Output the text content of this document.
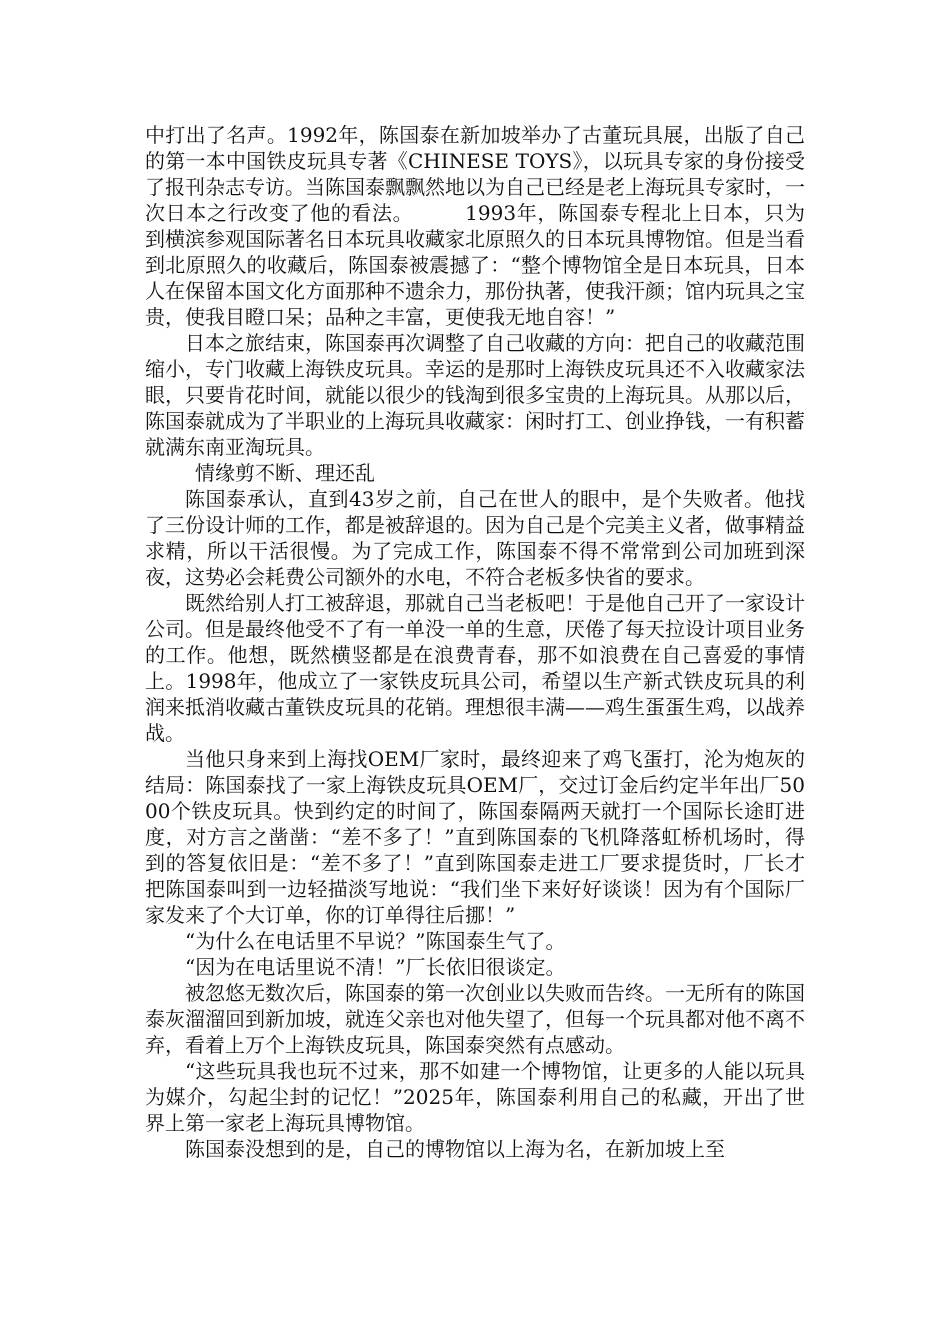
中打出了名声。1992年，陈国泰在新加坡举办了古董玩具展，出版了自己的第一本中国铁皮玩具专著《CHINESE TOYS》，以玩具专家的身份接受了报刊杂志专访。当陈国泰飘飘然地以为自己已经是老上海玩具专家时，一次日本之行改变了他的看法。　　　1993年，陈国泰专程北上日本，只为到横滨参观国际著名日本玩具收藏家北原照久的日本玩具博物馆。但是当看到北原照久的收藏后，陈国泰被震撼了：“整个博物馆全是日本玩具，日本人在保留本国文化方面那种不遗余力，那份执著，使我汗颜；馆内玩具之宝贵，使我目瞪口呆；品种之丰富，更使我无地自容！”

日本之旅结束，陈国泰再次调整了自己收藏的方向：把自己的收藏范围缩小，专门收藏上海铁皮玩具。幸运的是那时上海铁皮玩具还不入收藏家法眼，只要肯花时间，就能以很少的钱淘到很多宝贵的上海玩具。从那以后，陈国泰就成为了半职业的上海玩具收藏家：闲时打工、创业挣钱，一有积蓄就满东南亚淘玩具。

情缘剪不断、理还乱

陈国泰承认，直到43岁之前，自己在世人的眼中，是个失败者。他找了三份设计师的工作，都是被辞退的。因为自己是个完美主义者，做事精益求精，所以干活很慢。为了完成工作，陈国泰不得不常常到公司加班到深夜，这势必会耗费公司额外的水电，不符合老板多快省的要求。

既然给别人打工被辞退，那就自己当老板吧！于是他自己开了一家设计公司。但是最终他受不了有一单没一单的生意，厌倦了每天拉设计项目业务的工作。他想，既然横竖都是在浪费青春，那不如浪费在自己喜爱的事情上。1998年，他成立了一家铁皮玩具公司，希望以生产新式铁皮玩具的利润来抵消收藏古董铁皮玩具的花销。理想很丰满——鸡生蛋蛋生鸡，以战养战。

当他只身来到上海找OEM厂家时，最终迎来了鸡飞蛋打，沦为炮灰的结局：陈国泰找了一家上海铁皮玩具OEM厂，交过订金后约定半年出厂5000个铁皮玩具。快到约定的时间了，陈国泰隔两天就打一个国际长途盯进度，对方言之凿凿：“差不多了！”直到陈国泰的飞机降落虹桥机场时，得到的答复依旧是：“差不多了！”直到陈国泰走进工厂要求提货时，厂长才把陈国泰叫到一边轻描淡写地说：“我们坐下来好好谈谈！因为有个国际厂家发来了个大订单，你的订单得往后挪！”

“为什么在电话里不早说？”陈国泰生气了。

“因为在电话里说不清！”厂长依旧很谈定。

被忽悠无数次后，陈国泰的第一次创业以失败而告终。一无所有的陈国泰灰溜溜回到新加坡，就连父亲也对他失望了，但每一个玩具都对他不离不弃，看着上万个上海铁皮玩具，陈国泰突然有点感动。

“这些玩具我也玩不过来，那不如建一个博物馆，让更多的人能以玩具为媒介，勾起尘封的记忆！”2025年，陈国泰利用自己的私藏，开出了世界上第一家老上海玩具博物馆。

陈国泰没想到的是，自己的博物馆以上海为名，在新加坡上至
